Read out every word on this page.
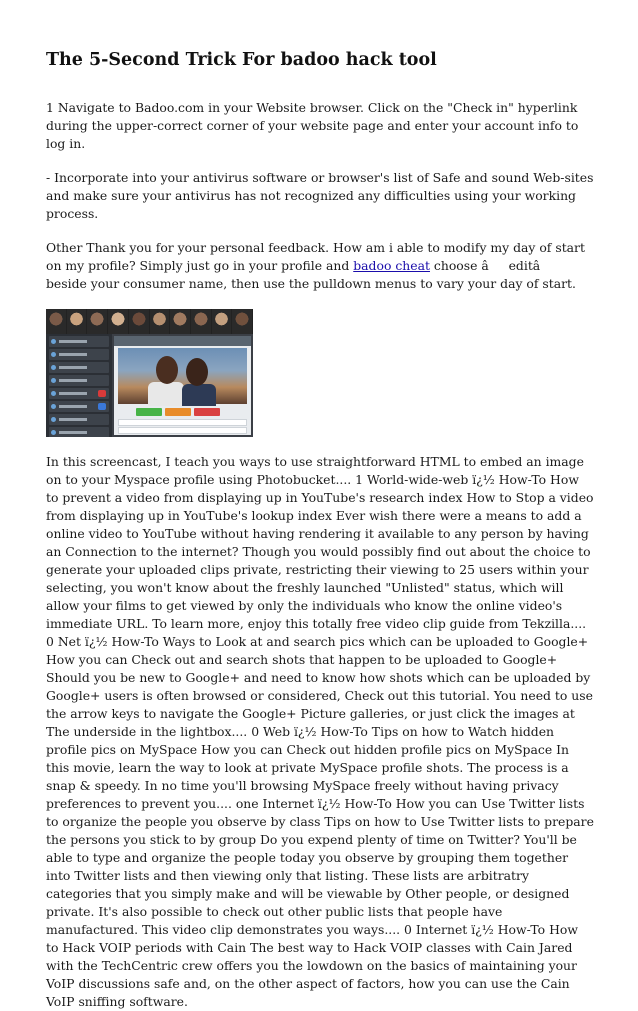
The 5-Second Trick For badoo hack tool

1 Navigate to Badoo.com in your Website browser. Click on the "Check in" hyperlink during the upper-correct corner of your website page and enter your account info to log in.

- Incorporate into your antivirus software or browser's list of Safe and sound Web-sites and make sure your antivirus has not recognized any difficulties using your working process.

Other Thank you for your personal feedback. How am i able to modify my day of start on my profile? Simply just go in your profile and badoo cheat choose âeditâ beside your consumer name, then use the pulldown menus to vary your day of start.

In this screencast, I teach you ways to use straightforward HTML to embed an image on to your Myspace profile using Photobucket.... 1 World-wide-web ï¿½ How-To How to prevent a video from displaying up in YouTube's research index How to Stop a video from displaying up in YouTube's lookup index Ever wish there were a means to add a online video to YouTube without having rendering it available to any person by having an Connection to the internet? Though you would possibly find out about the choice to generate your uploaded clips private, restricting their viewing to 25 users within your selecting, you won't know about the freshly launched "Unlisted" status, which will allow your films to get viewed by only the individuals who know the online video's immediate URL. To learn more, enjoy this totally free video clip guide from Tekzilla.... 0 Net ï¿½ How-To Ways to Look at and search pics which can be uploaded to Google+ How you can Check out and search shots that happen to be uploaded to Google+ Should you be new to Google+ and need to know how shots which can be uploaded by Google+ users is often browsed or considered, Check out this tutorial. You need to use the arrow keys to navigate the Google+ Picture galleries, or just click the images at The underside in the lightbox.... 0 Web ï¿½ How-To Tips on how to Watch hidden profile pics on MySpace How you can Check out hidden profile pics on MySpace In this movie, learn the way to look at private MySpace profile shots. The process is a snap & speedy. In no time you'll browsing MySpace freely without having privacy preferences to prevent you.... one Internet ï¿½ How-To How you can Use Twitter lists to organize the people you observe by class Tips on how to Use Twitter lists to prepare the persons you stick to by group Do you expend plenty of time on Twitter? You'll be able to type and organize the people today you observe by grouping them together into Twitter lists and then viewing only that listing. These lists are arbitratry categories that you simply make and will be viewable by Other people, or designed private. It's also possible to check out other public lists that people have manufactured. This video clip demonstrates you ways.... 0 Internet ï¿½ How-To How to Hack VOIP periods with Cain The best way to Hack VOIP classes with Cain Jared with the TechCentric crew offers you the lowdown on the basics of maintaining your VoIP discussions safe and, on the other aspect of factors, how you can use the Cain VoIP sniffing software.
